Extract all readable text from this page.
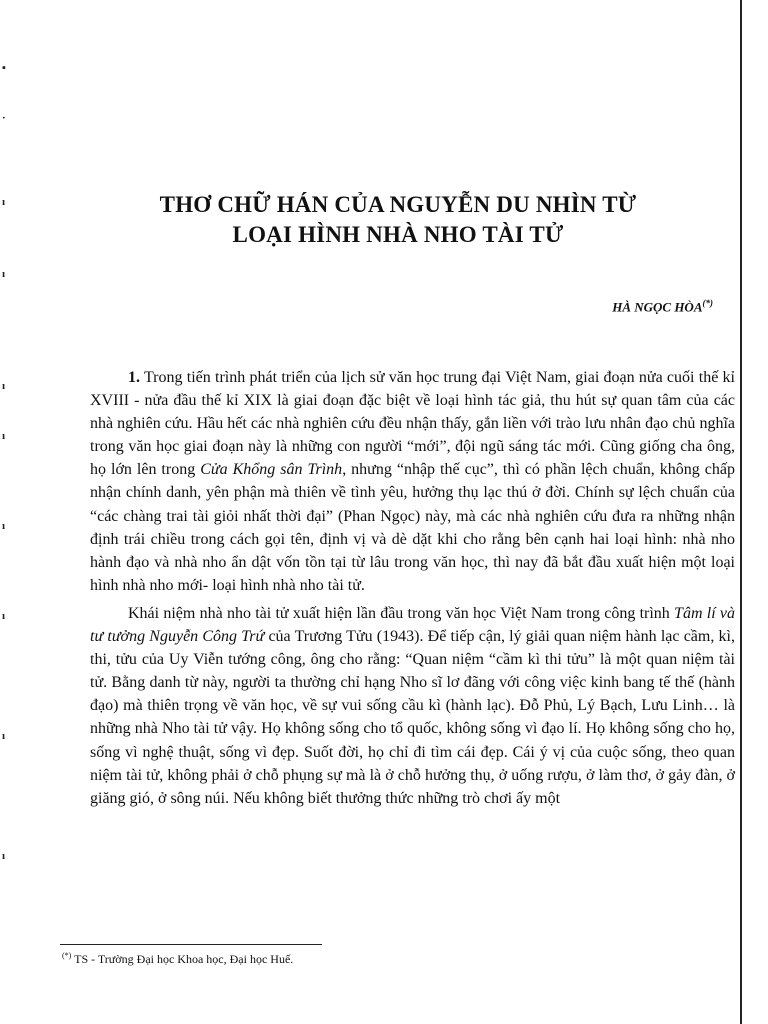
▪
·
ı
ı
ı
ı
ı
ı
ı
ı
THƠ CHỮ HÁN CỦA NGUYỄN DU NHÌN TỪ
LOẠI HÌNH NHÀ NHO TÀI TỬ
HÀ NGỌC HÒA(*)

1. Trong tiến trình phát triển của lịch sử văn học trung đại Việt Nam, giai đoạn nửa cuối thế kỉ XVIII - nửa đầu thế kỉ XIX là giai đoạn đặc biệt về loại hình tác giả, thu hút sự quan tâm của các nhà nghiên cứu. Hầu hết các nhà nghiên cứu đều nhận thấy, gắn liền với trào lưu nhân đạo chủ nghĩa trong văn học giai đoạn này là những con người “mới”, đội ngũ sáng tác mới. Cũng giống cha ông, họ lớn lên trong Cửa Khổng sân Trình, nhưng “nhập thế cục”, thì có phần lệch chuẩn, không chấp nhận chính danh, yên phận mà thiên về tình yêu, hưởng thụ lạc thú ở đời. Chính sự lệch chuẩn của “các chàng trai tài giỏi nhất thời đại” (Phan Ngọc) này, mà các nhà nghiên cứu đưa ra những nhận định trái chiều trong cách gọi tên, định vị và dè dặt khi cho rằng bên cạnh hai loại hình: nhà nho hành đạo và nhà nho ẩn dật vốn tồn tại từ lâu trong văn học, thì nay đã bắt đầu xuất hiện một loại hình nhà nho mới- loại hình nhà nho tài tử.

Khái niệm nhà nho tài tử xuất hiện lần đầu trong văn học Việt Nam trong công trình Tâm lí và tư tưởng Nguyễn Công Trứ của Trương Tửu (1943). Để tiếp cận, lý giải quan niệm hành lạc cầm, kì, thi, tửu của Uy Viễn tướng công, ông cho rằng: “Quan niệm “cầm kì thi tửu” là một quan niệm tài tử. Bằng danh từ này, người ta thường chỉ hạng Nho sĩ lơ đãng với công việc kinh bang tế thế (hành đạo) mà thiên trọng về văn học, về sự vui sống cầu kì (hành lạc). Đỗ Phủ, Lý Bạch, Lưu Linh… là những nhà Nho tài tử vậy. Họ không sống cho tổ quốc, không sống vì đạo lí. Họ không sống cho họ, sống vì nghệ thuật, sống vì đẹp. Suốt đời, họ chỉ đi tìm cái đẹp. Cái ý vị của cuộc sống, theo quan niệm tài tử, không phải ở chỗ phụng sự mà là ở chỗ hưởng thụ, ở uống rượu, ở làm thơ, ở gảy đàn, ở giăng gió, ở sông núi. Nếu không biết thưởng thức những trò chơi ấy một

(*) TS - Trường Đại học Khoa học, Đại học Huế.
